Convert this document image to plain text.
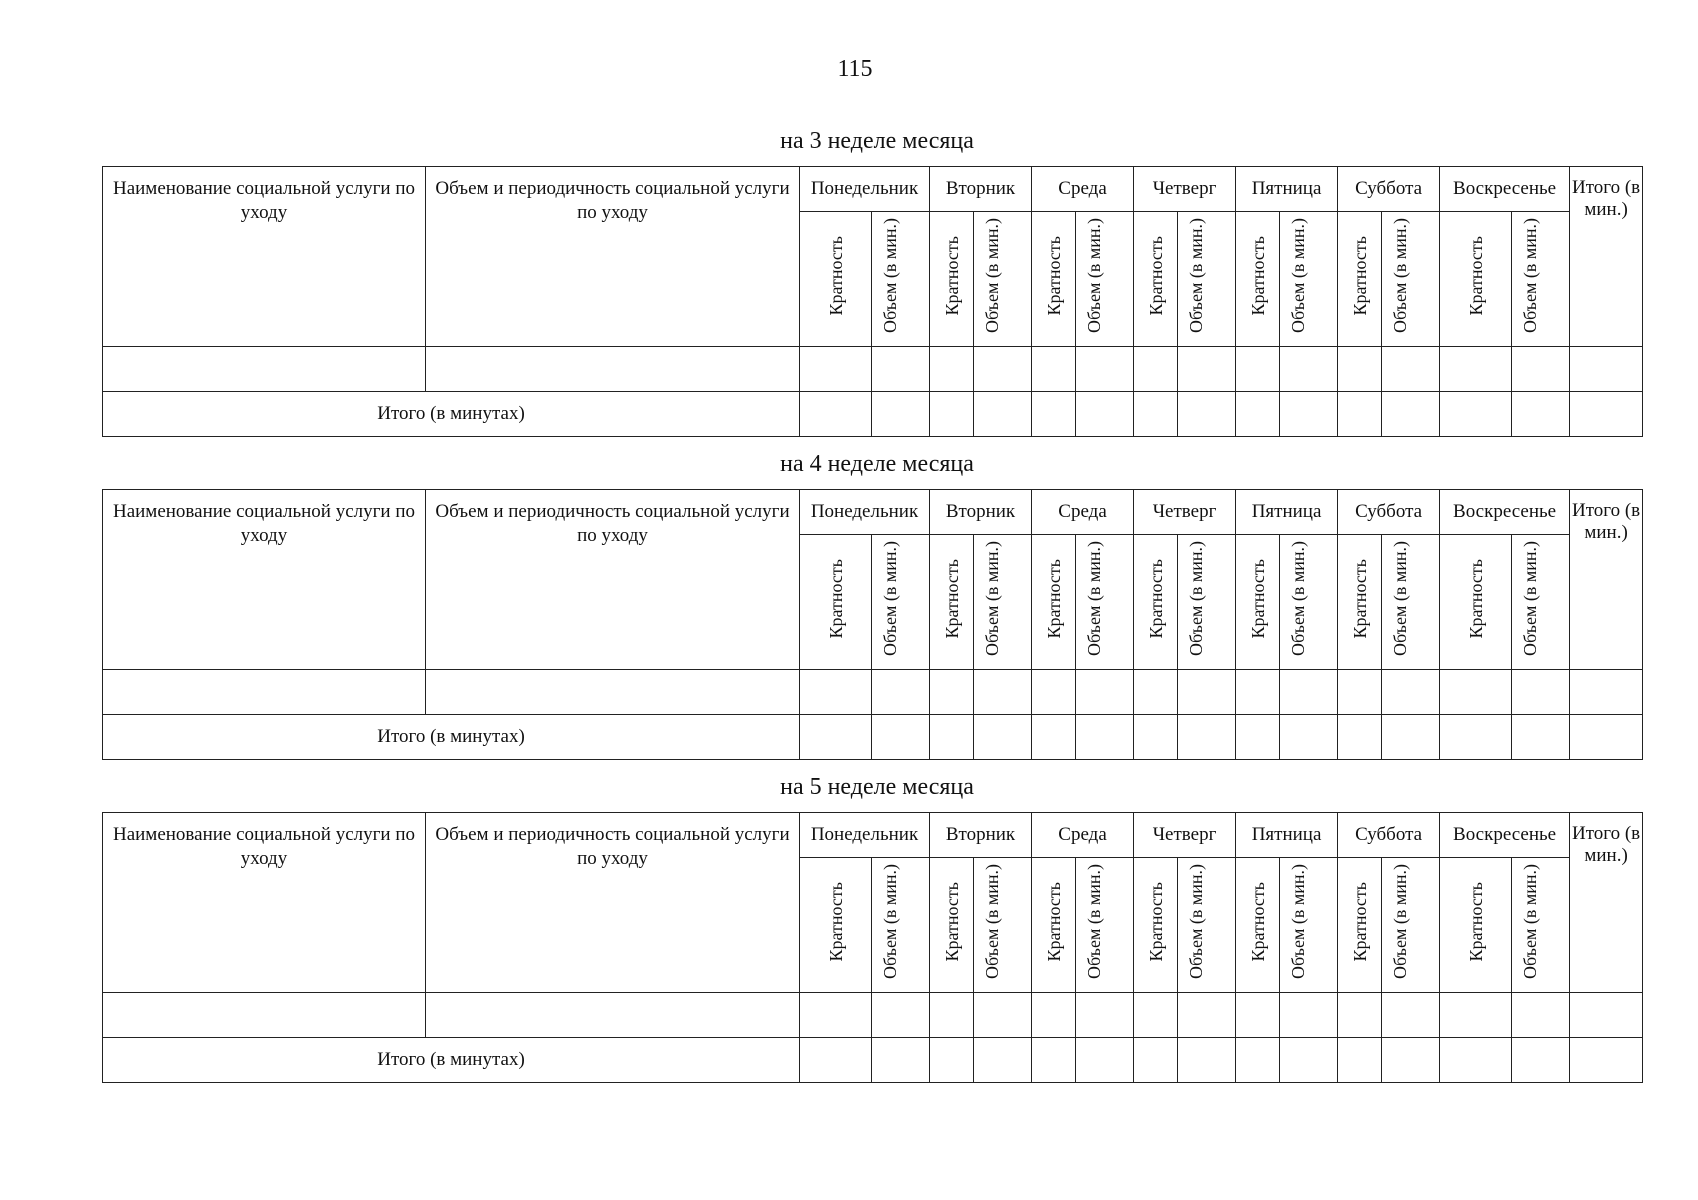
115
на 3 неделе месяца
Наименование социальной услуги по уходу	Объем и периодичность социальной услуги по уходу	Понедельник		Вторник		Среда		Четверг		Пятница		Суббота		Воскресенье		Итого (в мин.)
		Кратность	Объем (в мин.)	Кратность	Объем (в мин.)	Кратность	Объем (в мин.)	Кратность	Объем (в мин.)	Кратность	Объем (в мин.)	Кратность	Объем (в мин.)	Кратность	Объем (в мин.)	

Итого (в минутах)																
на 4 неделе месяца
Наименование социальной услуги по уходу	Объем и периодичность социальной услуги по уходу	Понедельник		Вторник		Среда		Четверг		Пятница		Суббота		Воскресенье		Итого (в мин.)
		Кратность	Объем (в мин.)	Кратность	Объем (в мин.)	Кратность	Объем (в мин.)	Кратность	Объем (в мин.)	Кратность	Объем (в мин.)	Кратность	Объем (в мин.)	Кратность	Объем (в мин.)	

Итого (в минутах)																
на 5 неделе месяца
Наименование социальной услуги по уходу	Объем и периодичность социальной услуги по уходу	Понедельник		Вторник		Среда		Четверг		Пятница		Суббота		Воскресенье		Итого (в мин.)
		Кратность	Объем (в мин.)	Кратность	Объем (в мин.)	Кратность	Объем (в мин.)	Кратность	Объем (в мин.)	Кратность	Объем (в мин.)	Кратность	Объем (в мин.)	Кратность	Объем (в мин.)	

Итого (в минутах)																
